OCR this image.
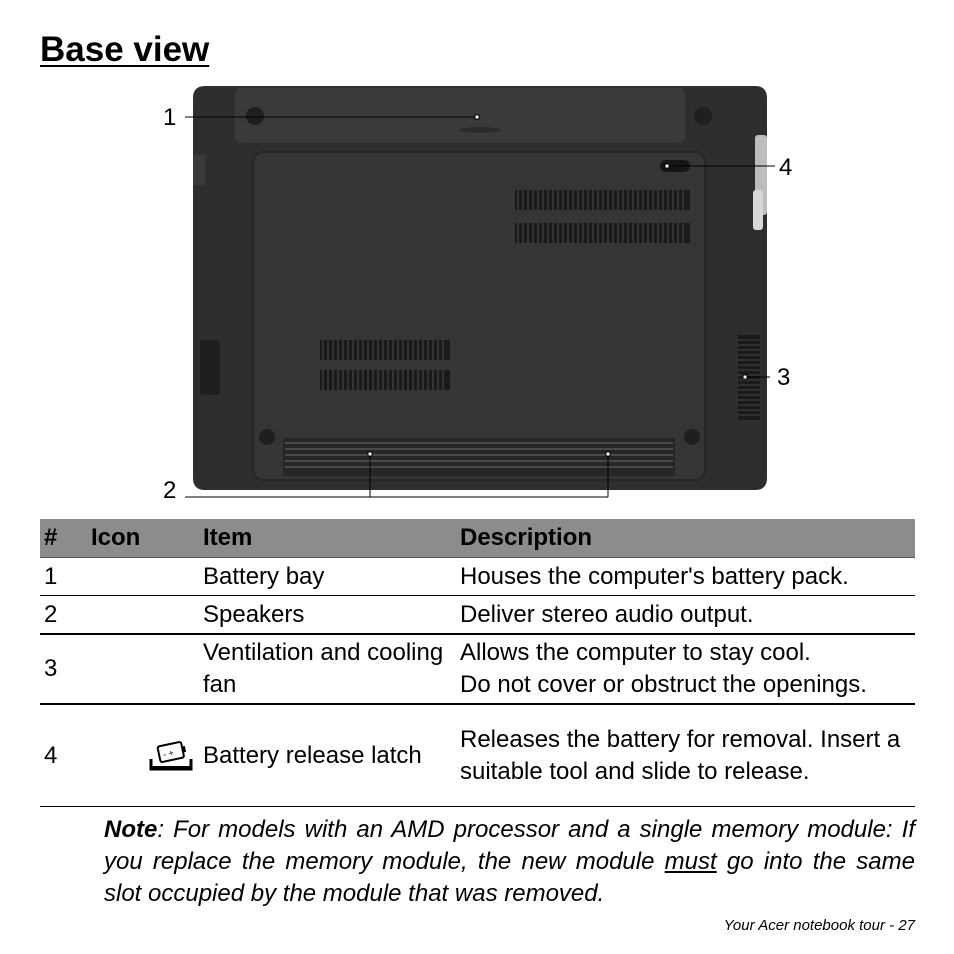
Base view
1
2
3
4
#	Icon	Item	Description
1		Battery bay	Houses the computer's battery pack.
2		Speakers	Deliver stereo audio output.
3		Ventilation and cooling fan	Allows the computer to stay cool.
Do not cover or obstruct the openings.

4	- +	Battery release latch	Releases the battery for removal. Insert a suitable tool and slide to release.
Note: For models with an AMD processor and a single memory module: If you replace the memory module, the new module must go into the same slot occupied by the module that was removed.
Your Acer notebook tour - 27
